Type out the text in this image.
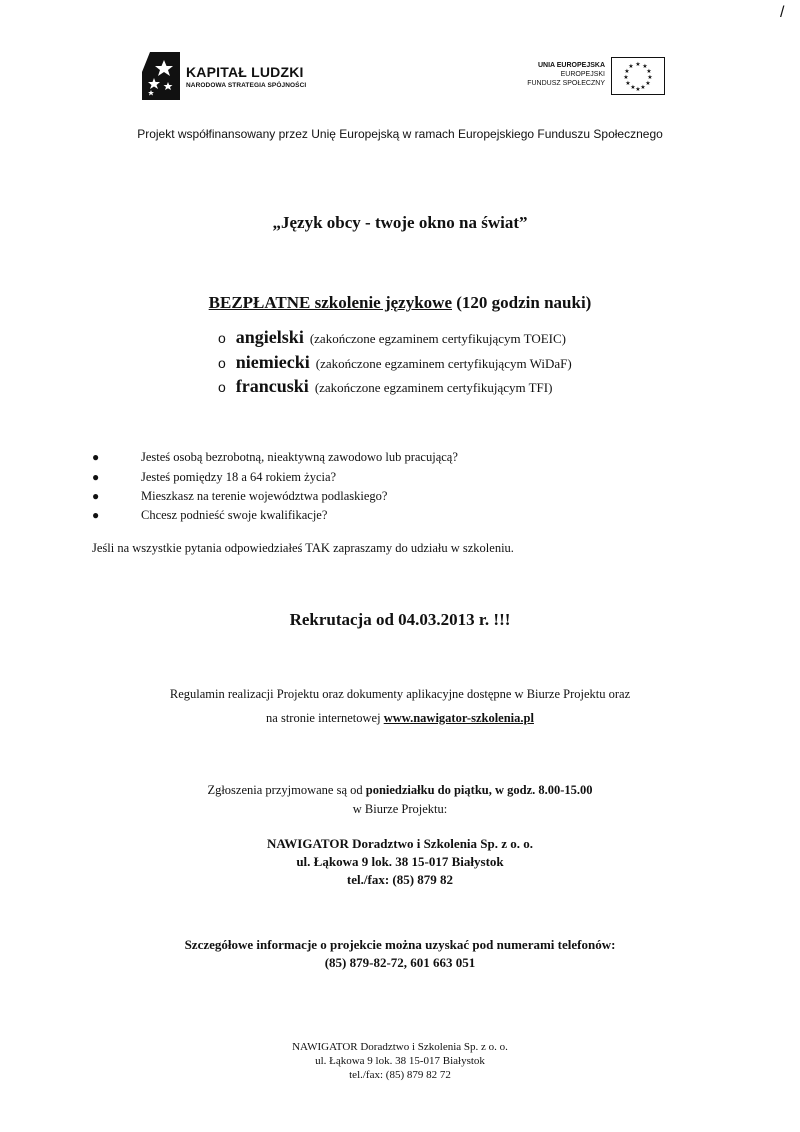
/
KAPITAŁ LUDZKI
NARODOWA STRATEGIA SPÓJNOŚCI
UNIA EUROPEJSKA
EUROPEJSKI
FUNDUSZ SPOŁECZNY
★ ★
★
★
★
★
★
★
★
★
★
★
Projekt współfinansowany przez Unię Europejską w ramach Europejskiego Funduszu Społecznego
„Język obcy - twoje okno na świat”
BEZPŁATNE szkolenie językowe (120 godzin nauki)
o angielski (zakończone egzaminem certyfikującym TOEIC)
o niemiecki (zakończone egzaminem certyfikującym WiDaF)
o francuski (zakończone egzaminem certyfikującym TFI)
●	Jesteś osobą bezrobotną, nieaktywną zawodowo lub pracującą?
●	Jesteś pomiędzy 18 a 64 rokiem życia?
●	Mieszkasz na terenie województwa podlaskiego?
●	Chcesz podnieść swoje kwalifikacje?
Jeśli na wszystkie pytania odpowiedziałeś TAK zapraszamy do udziału w szkoleniu.
Rekrutacja od 04.03.2013 r. !!!
Regulamin realizacji Projektu oraz dokumenty aplikacyjne dostępne w Biurze Projektu oraz
na stronie internetowej www.nawigator-szkolenia.pl
Zgłoszenia przyjmowane są od poniedziałku do piątku, w godz. 8.00-15.00
w Biurze Projektu:
NAWIGATOR Doradztwo i Szkolenia Sp. z o. o.
ul. Łąkowa 9 lok. 38 15-017 Białystok
tel./fax: (85) 879 82
Szczegółowe informacje o projekcie można uzyskać pod numerami telefonów:
(85) 879-82-72, 601 663 051
NAWIGATOR Doradztwo i Szkolenia Sp. z o. o.
ul. Łąkowa 9 lok. 38 15-017 Białystok
tel./fax: (85) 879 82 72
